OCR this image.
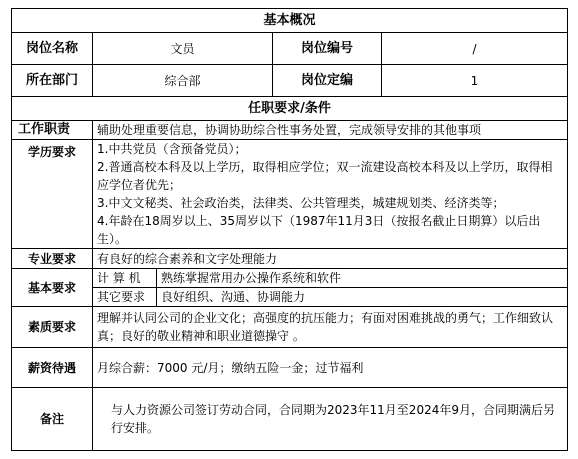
基本概况				
岗位名称	文员		岗位编号	/
所在部门	综合部		岗位定编	1
任职要求/条件				
工作职责	辅助处理重要信息，协调协助综合性事务处置，完成领导安排的其他事项			
学历要求	1.中共党员（含预备党员）；
2.普通高校本科及以上学历，取得相应学位；双一流建设高校本科及以上学历，取得相应学位者优先；
3.中文文秘类、社会政治类，法律类、公共管理类，城建规划类、经济类等；
4.年龄在18周岁以上、35周岁以下（1987年11月3日（按报名截止日期算）以后出生）。			

专业要求	有良好的综合素养和文字处理能力			
基本要求	计 算 机	熟练掌握常用办公操作系统和软件		
	其它要求	良好组织、沟通、协调能力		
素质要求	理解并认同公司的企业文化；高强度的抗压能力；有面对困难挑战的勇气；工作细致认真；良好的敬业精神和职业道德操守 。			
薪资待遇	月综合薪：7000 元/月；缴纳五险一金；过节福利			
备注	与人力资源公司签订劳动合同，合同期为2023年11月至2024年9月，合同期满后另行安排。			
